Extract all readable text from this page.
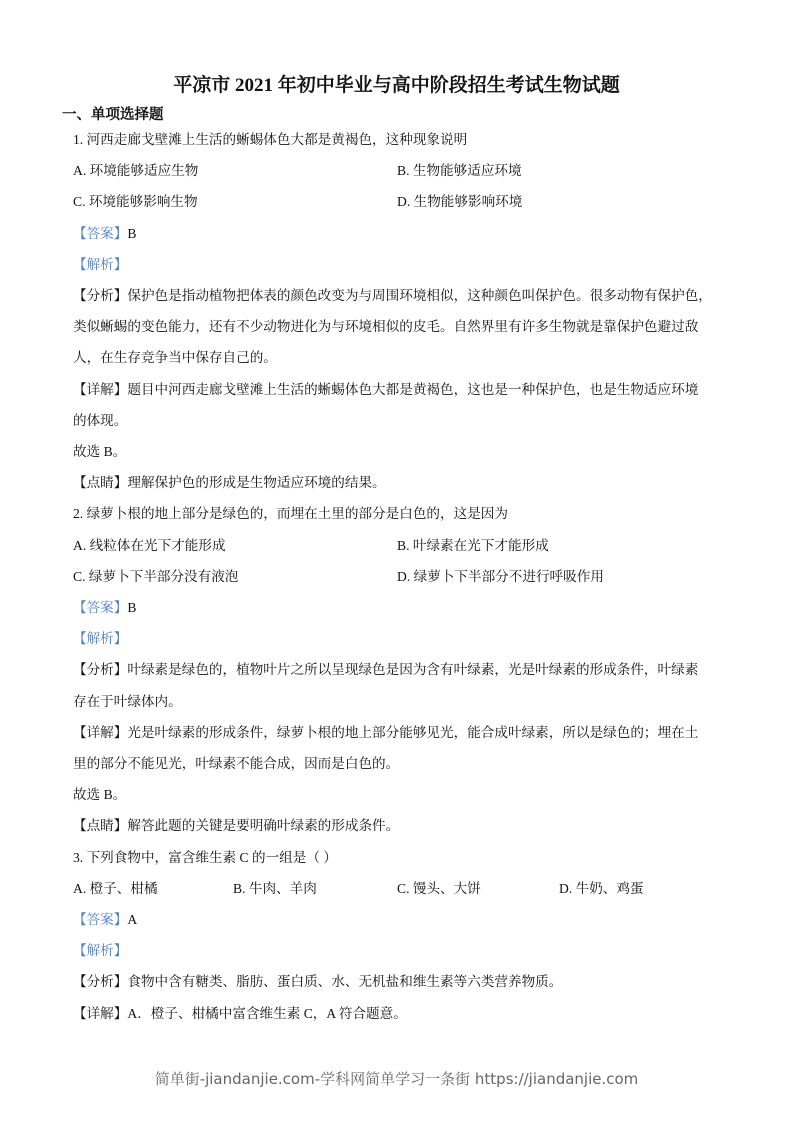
平凉市 2021 年初中毕业与高中阶段招生考试生物试题
一、单项选择题
1. 河西走廊戈壁滩上生活的蜥蜴体色大都是黄褐色，这种现象说明
A. 环境能够适应生物	B. 生物能够适应环境
C. 环境能够影响生物	D. 生物能够影响环境
【答案】B
【解析】
【分析】保护色是指动植物把体表的颜色改变为与周围环境相似，这种颜色叫保护色。很多动物有保护色，
类似蜥蜴的变色能力，还有不少动物进化为与环境相似的皮毛。自然界里有许多生物就是靠保护色避过敌
人，在生存竞争当中保存自己的。
【详解】题目中河西走廊戈壁滩上生活的蜥蜴体色大都是黄褐色，这也是一种保护色，也是生物适应环境
的体现。
故选 B。
【点睛】理解保护色的形成是生物适应环境的结果。
2. 绿萝卜根的地上部分是绿色的，而埋在土里的部分是白色的，这是因为
A. 线粒体在光下才能形成	B. 叶绿素在光下才能形成
C. 绿萝卜下半部分没有液泡	D. 绿萝卜下半部分不进行呼吸作用
【答案】B
【解析】
【分析】叶绿素是绿色的，植物叶片之所以呈现绿色是因为含有叶绿素，光是叶绿素的形成条件，叶绿素
存在于叶绿体内。
【详解】光是叶绿素的形成条件，绿萝卜根的地上部分能够见光，能合成叶绿素，所以是绿色的；埋在土
里的部分不能见光，叶绿素不能合成，因而是白色的。
故选 B。
【点睛】解答此题的关键是要明确叶绿素的形成条件。
3. 下列食物中，富含维生素 C 的一组是（ ）
A. 橙子、柑橘	B. 牛肉、羊肉	C. 馒头、大饼	D. 牛奶、鸡蛋
【答案】A
【解析】
【分析】食物中含有糖类、脂肪、蛋白质、水、无机盐和维生素等六类营养物质。
【详解】A．橙子、柑橘中富含维生素 C，A 符合题意。
简单街-jiandanjie.com-学科网简单学习一条街 https://jiandanjie.com
